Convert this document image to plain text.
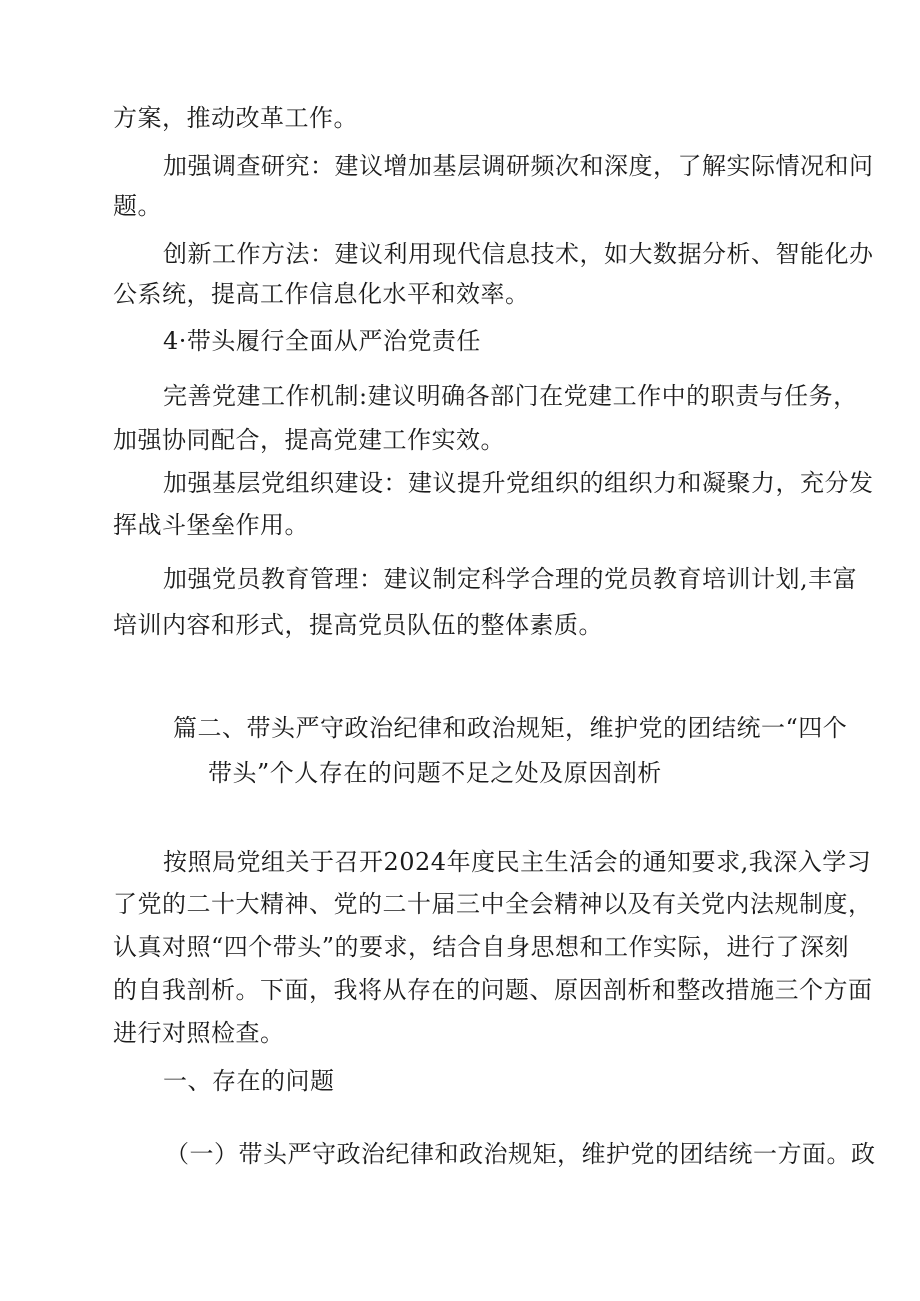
方案，推动改革工作。
加强调查研究：建议增加基层调研频次和深度，了解实际情况和问
题。
创新工作方法：建议利用现代信息技术，如大数据分析、智能化办
公系统，提高工作信息化水平和效率。
4·带头履行全面从严治党责任
完善党建工作机制:建议明确各部门在党建工作中的职责与任务，
加强协同配合，提高党建工作实效。
加强基层党组织建设：建议提升党组织的组织力和凝聚力，充分发
挥战斗堡垒作用。
加强党员教育管理：建议制定科学合理的党员教育培训计划,丰富
培训内容和形式，提高党员队伍的整体素质。
篇二、带头严守政治纪律和政治规矩，维护党的团结统一“四个
带头”个人存在的问题不足之处及原因剖析
按照局党组关于召开2024年度民主生活会的通知要求,我深入学习
了党的二十大精神、党的二十届三中全会精神以及有关党内法规制度，
认真对照“四个带头”的要求，结合自身思想和工作实际，进行了深刻
的自我剖析。下面，我将从存在的问题、原因剖析和整改措施三个方面
进行对照检查。
一、存在的问题
（一）带头严守政治纪律和政治规矩，维护党的团结统一方面。政
